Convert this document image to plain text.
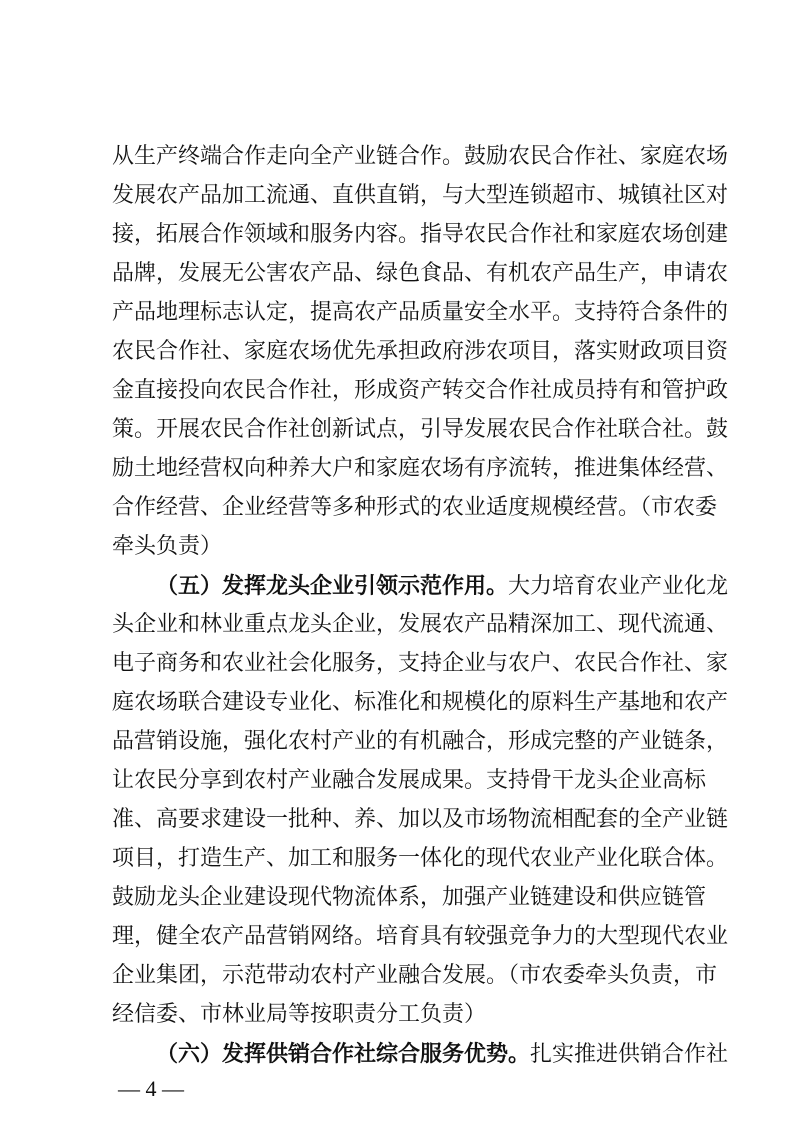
从生产终端合作走向全产业链合作。鼓励农民合作社、家庭农场
发展农产品加工流通、直供直销，与大型连锁超市、城镇社区对
接，拓展合作领域和服务内容。指导农民合作社和家庭农场创建
品牌，发展无公害农产品、绿色食品、有机农产品生产，申请农
产品地理标志认定，提高农产品质量安全水平。支持符合条件的
农民合作社、家庭农场优先承担政府涉农项目，落实财政项目资
金直接投向农民合作社，形成资产转交合作社成员持有和管护政
策。开展农民合作社创新试点，引导发展农民合作社联合社。鼓
励土地经营权向种养大户和家庭农场有序流转，推进集体经营、
合作经营、企业经营等多种形式的农业适度规模经营。（市农委
牵头负责）
（五）发挥龙头企业引领示范作用。大力培育农业产业化龙
头企业和林业重点龙头企业，发展农产品精深加工、现代流通、
电子商务和农业社会化服务，支持企业与农户、农民合作社、家
庭农场联合建设专业化、标准化和规模化的原料生产基地和农产
品营销设施，强化农村产业的有机融合，形成完整的产业链条，
让农民分享到农村产业融合发展成果。支持骨干龙头企业高标
准、高要求建设一批种、养、加以及市场物流相配套的全产业链
项目，打造生产、加工和服务一体化的现代农业产业化联合体。
鼓励龙头企业建设现代物流体系，加强产业链建设和供应链管
理，健全农产品营销网络。培育具有较强竞争力的大型现代农业
企业集团，示范带动农村产业融合发展。（市农委牵头负责，市
经信委、市林业局等按职责分工负责）
（六）发挥供销合作社综合服务优势。扎实推进供销合作社
— 4 —
